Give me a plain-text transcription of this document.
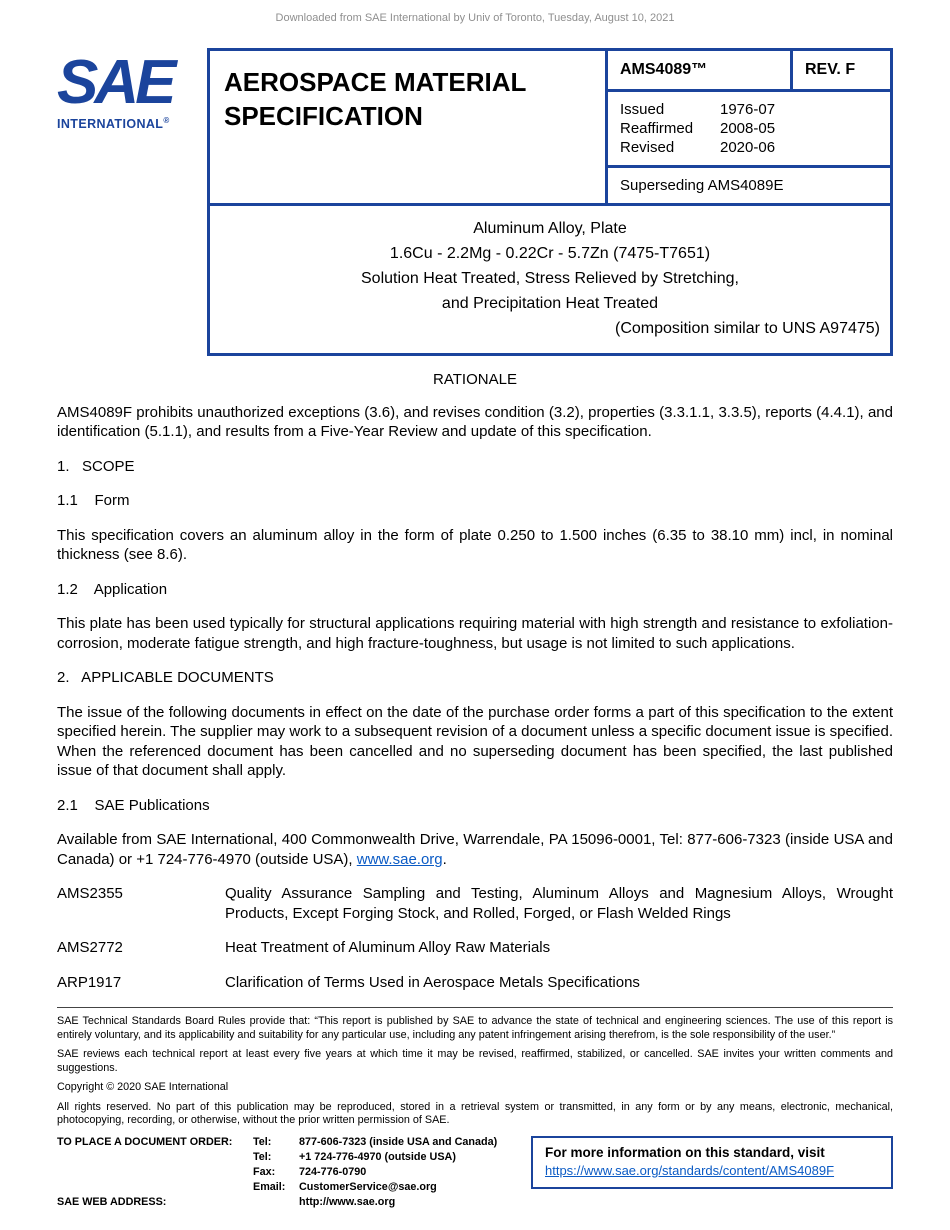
Downloaded from SAE International by Univ of Toronto, Tuesday, August 10, 2021
SAE
INTERNATIONAL®
AEROSPACE MATERIAL SPECIFICATION
AMS4089™	REV. F
Issued	1976-07
Reaffirmed	2008-05
Revised	2020-06
Superseding AMS4089E
Aluminum Alloy, Plate
1.6Cu - 2.2Mg - 0.22Cr - 5.7Zn (7475-T7651)
Solution Heat Treated, Stress Relieved by Stretching,
and Precipitation Heat Treated
(Composition similar to UNS A97475)
RATIONALE

AMS4089F prohibits unauthorized exceptions (3.6), and revises condition (3.2), properties (3.3.1.1, 3.3.5), reports (4.4.1), and identification (5.1.1), and results from a Five-Year Review and update of this specification.

1.   SCOPE
1.1    Form

This specification covers an aluminum alloy in the form of plate 0.250 to 1.500 inches (6.35 to 38.10 mm) incl, in nominal thickness (see 8.6).

1.2    Application

This plate has been used typically for structural applications requiring material with high strength and resistance to exfoliation-corrosion, moderate fatigue strength, and high fracture-toughness, but usage is not limited to such applications.

2.   APPLICABLE DOCUMENTS

The issue of the following documents in effect on the date of the purchase order forms a part of this specification to the extent specified herein. The supplier may work to a subsequent revision of a document unless a specific document issue is specified. When the referenced document has been cancelled and no superseding document has been specified, the last published issue of that document shall apply.

2.1    SAE Publications

Available from SAE International, 400 Commonwealth Drive, Warrendale, PA 15096-0001, Tel: 877-606-7323 (inside USA and Canada) or +1 724-776-4970 (outside USA), www.sae.org.

AMS2355	Quality Assurance Sampling and Testing, Aluminum Alloys and Magnesium Alloys, Wrought Products, Except Forging Stock, and Rolled, Forged, or Flash Welded Rings
AMS2772	Heat Treatment of Aluminum Alloy Raw Materials
ARP1917	Clarification of Terms Used in Aerospace Metals Specifications

SAE Technical Standards Board Rules provide that: “This report is published by SAE to advance the state of technical and engineering sciences. The use of this report is entirely voluntary, and its applicability and suitability for any particular use, including any patent infringement arising therefrom, is the sole responsibility of the user.”

SAE reviews each technical report at least every five years at which time it may be revised, reaffirmed, stabilized, or cancelled. SAE invites your written comments and suggestions.

Copyright © 2020 SAE International

All rights reserved. No part of this publication may be reproduced, stored in a retrieval system or transmitted, in any form or by any means, electronic, mechanical, photocopying, recording, or otherwise, without the prior written permission of SAE.

TO PLACE A DOCUMENT ORDER:	Tel:	877-606-7323 (inside USA and Canada)
Tel:	+1 724-776-4970 (outside USA)
Fax:	724-776-0790
Email:	CustomerService@sae.org
SAE WEB ADDRESS:	http://www.sae.org
For more information on this standard, visit
https://www.sae.org/standards/content/AMS4089F
